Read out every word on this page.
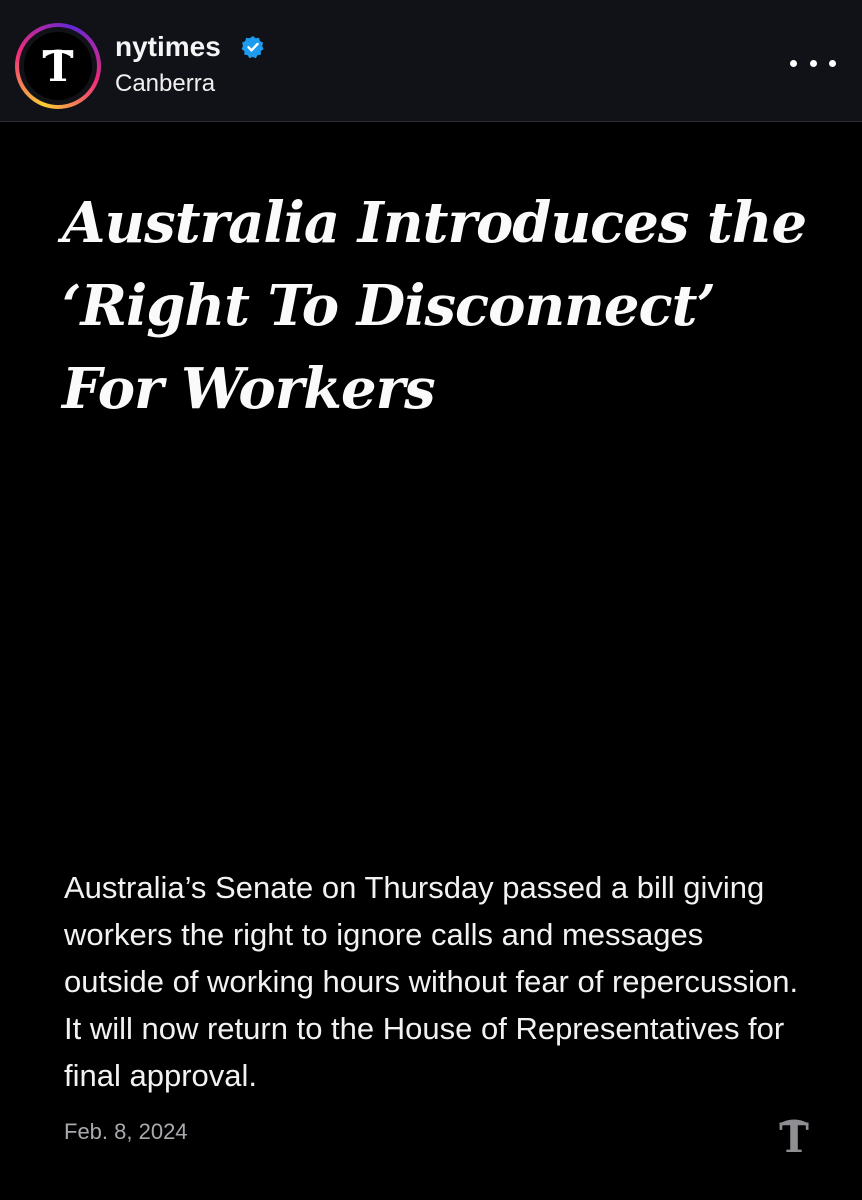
T nytimes
Canberra
Australia Introduces the
‘Right To Disconnect’
For Workers

Australia’s Senate on Thursday passed a bill giving workers the right to ignore calls and messages outside of working hours without fear of repercussion. It will now return to the House of Representatives for final approval.

Feb. 8, 2024	T
